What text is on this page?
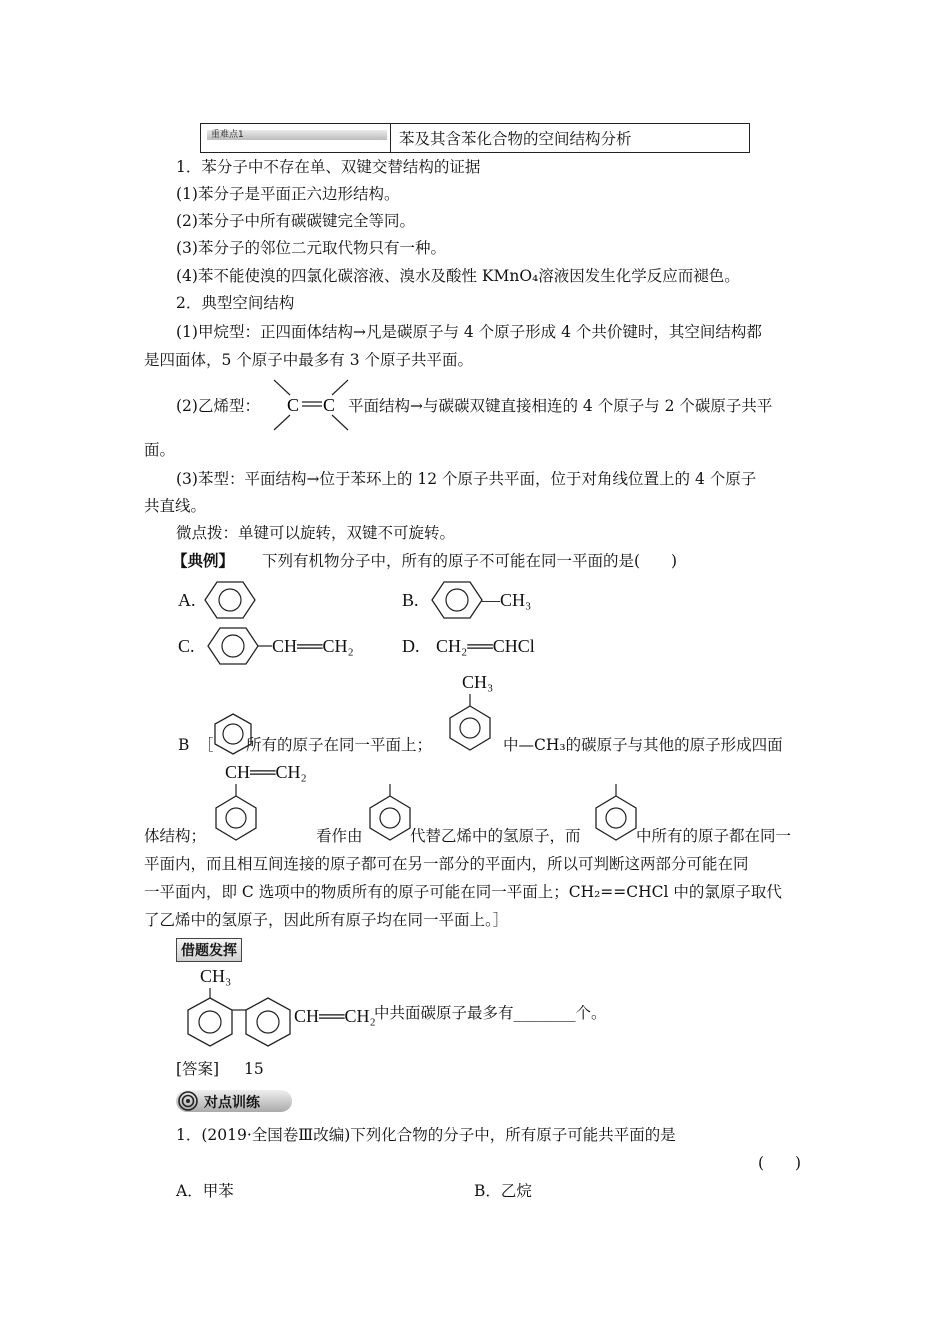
重难点1	苯及其含苯化合物的空间结构分析
1．苯分子中不存在单、双键交替结构的证据
(1)苯分子是平面正六边形结构。
(2)苯分子中所有碳碳键完全等同。
(3)苯分子的邻位二元取代物只有一种。
(4)苯不能使溴的四氯化碳溶液、溴水及酸性 KMnO₄溶液因发生化学反应而褪色。
2．典型空间结构
(1)甲烷型：正四面体结构→凡是碳原子与 4 个原子形成 4 个共价键时，其空间结构都
是四面体，5 个原子中最多有 3 个原子共平面。
(2)乙烯型： C C 平面结构→与碳碳双键直接相连的 4 个原子与 2 个碳原子共平
面。
(3)苯型：平面结构→位于苯环上的 12 个原子共平面，位于对角线位置上的 4 个原子
共直线。
微点拨：单键可以旋转，双键不可旋转。
【典例】 下列有机物分子中，所有的原子不可能在同一平面的是(　　)
A.	B.	—CH₃
C.	CH══CH₂	D. CH₂══CHCl
CH₃
B ［ 所有的原子在同一平面上；	中—CH₃的碳原子与其他的原子形成四面
CH══CH₂
体结构；	看作由	代替乙烯中的氢原子，而	中所有的原子都在同一
平面内，而且相互间连接的原子都可在另一部分的平面内，所以可判断这两部分可能在同
一平面内，即 C 选项中的物质所有的原子可能在同一平面上；CH₂==CHCl 中的氯原子取代
了乙烯中的氢原子，因此所有原子均在同一平面上。］
借题发挥
CH₃
CH══CH₂
中共面碳原子最多有________个。
[答案] 15
对点训练
1．(2019·全国卷Ⅲ改编)下列化合物的分子中，所有原子可能共平面的是
(　　)
A．甲苯	B．乙烷
